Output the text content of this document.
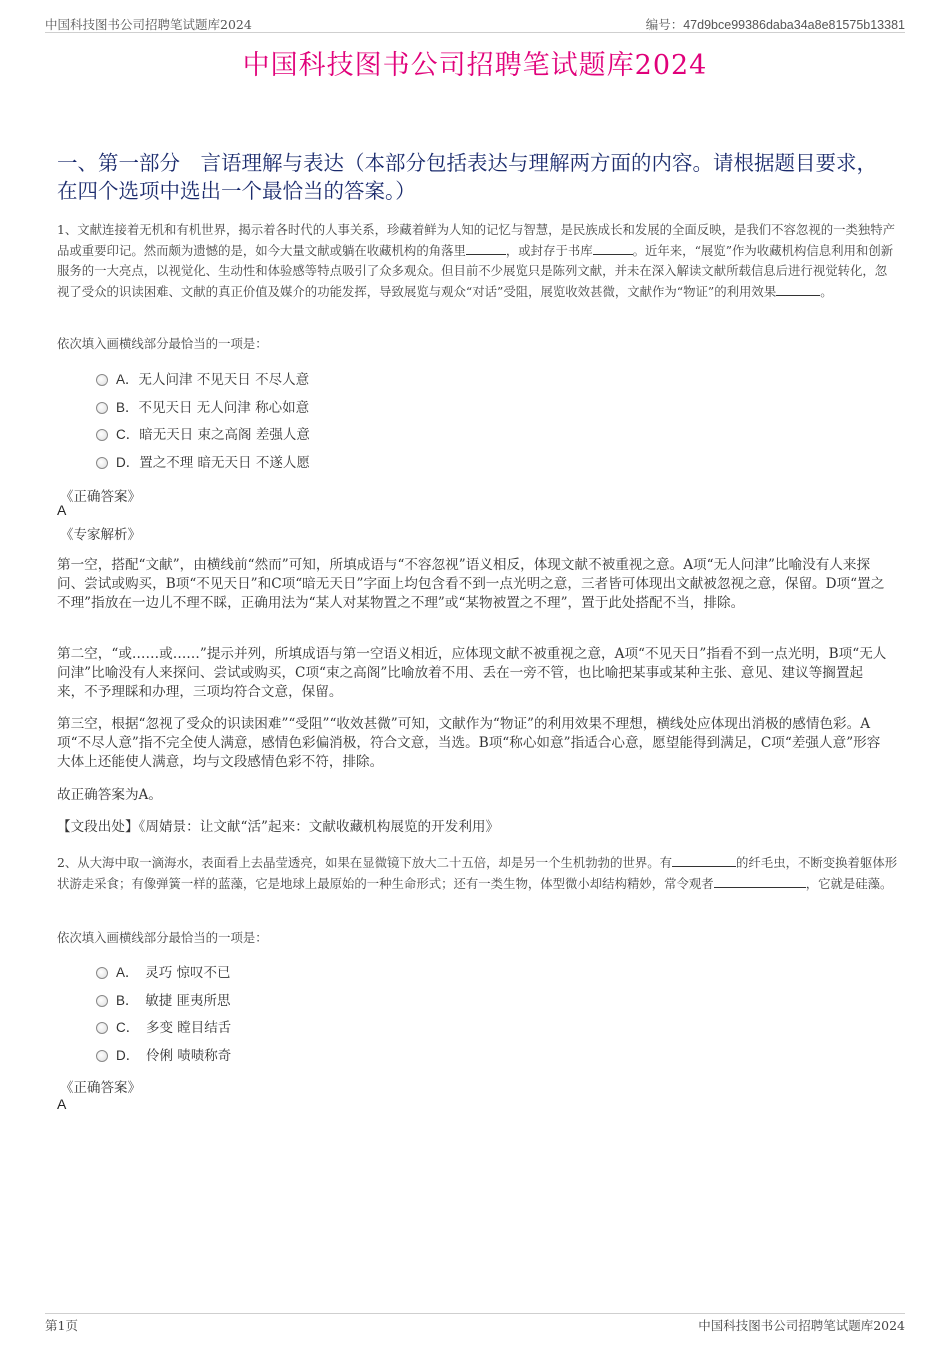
中国科技图书公司招聘笔试题库2024	编号：47d9bce99386daba34a8e81575b13381
中国科技图书公司招聘笔试题库2024
一、第一部分　言语理解与表达（本部分包括表达与理解两方面的内容。请根据题目要求，在四个选项中选出一个最恰当的答案。）
1、文献连接着无机和有机世界，揭示着各时代的人事关系，珍藏着鲜为人知的记忆与智慧，是民族成长和发展的全面反映，是我们不容忽视的一类独特产品或重要印记。然而颇为遗憾的是，如今大量文献或躺在收藏机构的角落里	，或封存于书库	。近年来，“展览”作为收藏机构信息利用和创新服务的一大亮点，以视觉化、生动性和体验感等特点吸引了众多观众。但目前不少展览只是陈列文献，并未在深入解读文献所载信息后进行视觉转化，忽视了受众的识读困难、文献的真正价值及媒介的功能发挥，导致展览与观众“对话”受阻，展览收效甚微，文献作为“物证”的利用效果	。
依次填入画横线部分最恰当的一项是：
A．无人问津 不见天日 不尽人意
B．不见天日 无人问津 称心如意
C．暗无天日 束之高阁 差强人意
D．置之不理 暗无天日 不遂人愿
《正确答案》
A
《专家解析》
第一空，搭配“文献”，由横线前“然而”可知，所填成语与“不容忽视”语义相反，体现文献不被重视之意。A项“无人问津”比喻没有人来探问、尝试或购买，B项“不见天日”和C项“暗无天日”字面上均包含看不到一点光明之意，三者皆可体现出文献被忽视之意，保留。D项“置之不理”指放在一边儿不理不睬，正确用法为“某人对某物置之不理”或“某物被置之不理”，置于此处搭配不当，排除。
第二空，“或……或……”提示并列，所填成语与第一空语义相近，应体现文献不被重视之意，A项“不见天日”指看不到一点光明，B项“无人问津”比喻没有人来探问、尝试或购买，C项“束之高阁”比喻放着不用、丢在一旁不管，也比喻把某事或某种主张、意见、建议等搁置起来，不予理睬和办理，三项均符合文意，保留。
第三空，根据“忽视了受众的识读困难”“受阻”“收效甚微”可知，文献作为“物证”的利用效果不理想，横线处应体现出消极的感情色彩。A项“不尽人意”指不完全使人满意，感情色彩偏消极，符合文意，当选。B项“称心如意”指适合心意，愿望能得到满足，C项“差强人意”形容大体上还能使人满意，均与文段感情色彩不符，排除。
故正确答案为A。
【文段出处】《周婧景：让文献“活”起来：文献收藏机构展览的开发利用》
2、从大海中取一滴海水，表面看上去晶莹透亮，如果在显微镜下放大二十五倍，却是另一个生机勃勃的世界。有	的纤毛虫，不断变换着躯体形状游走采食；有像弹簧一样的蓝藻，它是地球上最原始的一种生命形式；还有一类生物，体型微小却结构精妙，常令观者	，它就是硅藻。
依次填入画横线部分最恰当的一项是：
A．　灵巧 惊叹不已
B．　敏捷 匪夷所思
C．　多变 瞠目结舌
D．　伶俐 啧啧称奇
《正确答案》
A
第1页	中国科技图书公司招聘笔试题库2024
